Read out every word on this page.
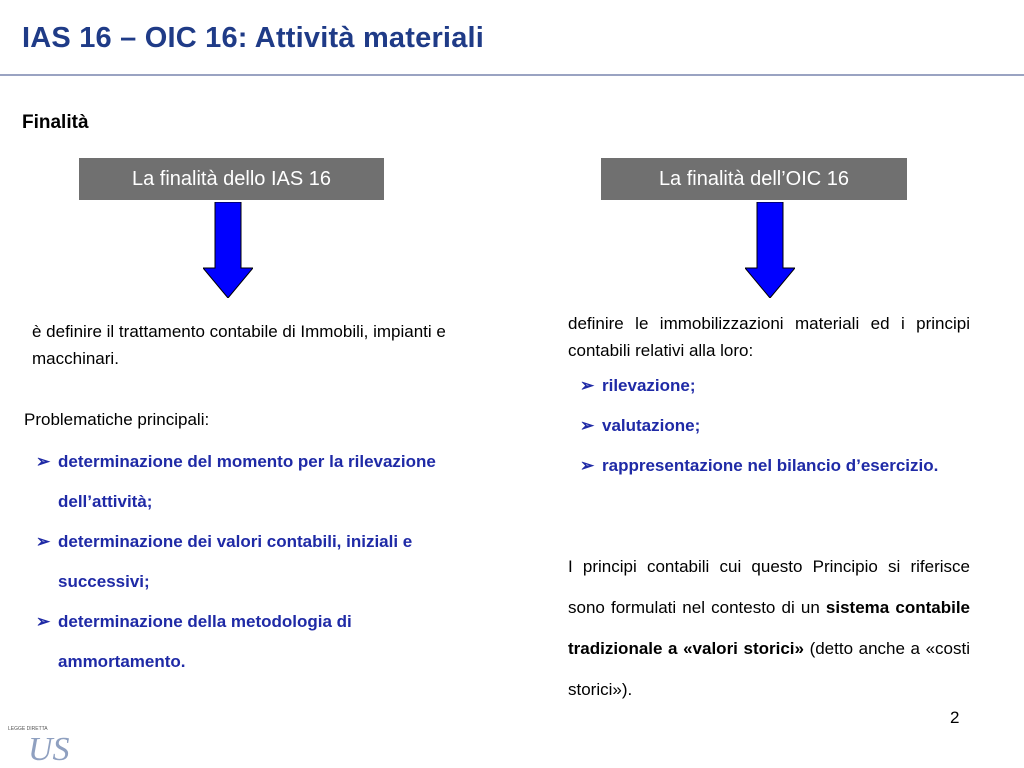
IAS 16 – OIC 16: Attività materiali
Finalità
La finalità dello IAS 16	La finalità dell’OIC 16
è definire il trattamento contabile di Immobili, impianti e macchinari.
Problematiche principali:
➢ determinazione del momento per la rilevazione dell’attività;
➢ determinazione dei valori contabili, iniziali e successivi;
➢ determinazione della metodologia di ammortamento.
definire le immobilizzazioni materiali ed i principi contabili relativi alla loro:
➢ rilevazione;
➢ valutazione;
➢ rappresentazione nel bilancio d’esercizio.
I principi contabili cui questo Principio si riferisce sono formulati nel contesto di un sistema contabile tradizionale a «valori storici» (detto anche a «costi storici»).
2
LEGGE DIRETTA
US
